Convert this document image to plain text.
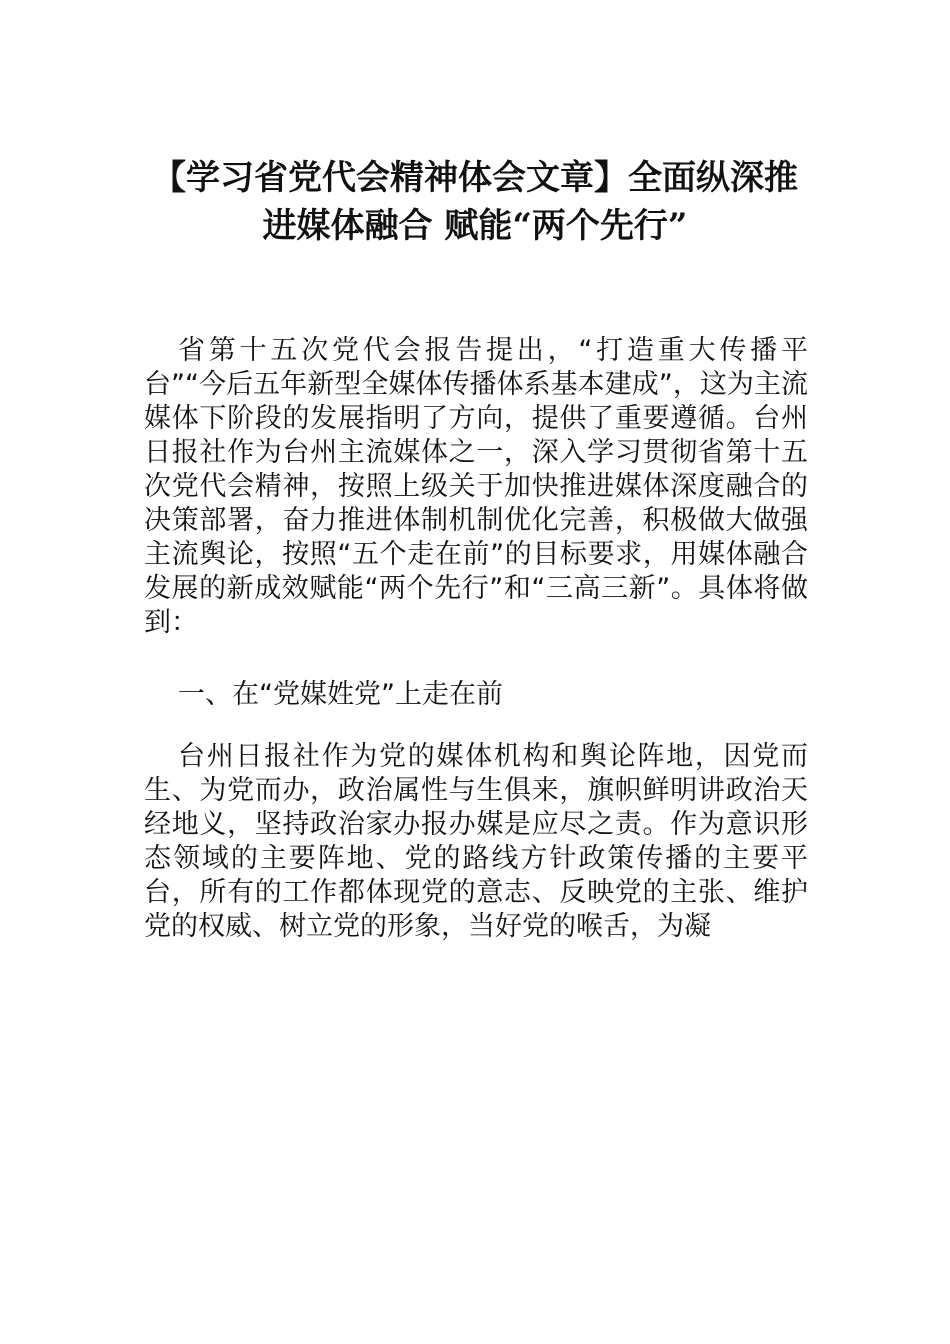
【学习省党代会精神体会文章】全面纵深推
进媒体融合 赋能“两个先行”
省第十五次党代会报告提出，“打造重大传播平台”“今后五年新型全媒体传播体系基本建成”，这为主流媒体下阶段的发展指明了方向，提供了重要遵循。台州日报社作为台州主流媒体之一，深入学习贯彻省第十五次党代会精神，按照上级关于加快推进媒体深度融合的决策部署，奋力推进体制机制优化完善，积极做大做强主流舆论，按照“五个走在前”的目标要求，用媒体融合发展的新成效赋能“两个先行”和“三高三新”。具体将做到：
一、在“党媒姓党”上走在前
台州日报社作为党的媒体机构和舆论阵地，因党而生、为党而办，政治属性与生俱来，旗帜鲜明讲政治天经地义，坚持政治家办报办媒是应尽之责。作为意识形态领域的主要阵地、党的路线方针政策传播的主要平台，所有的工作都体现党的意志、反映党的主张、维护党的权威、树立党的形象，当好党的喉舌，为凝
